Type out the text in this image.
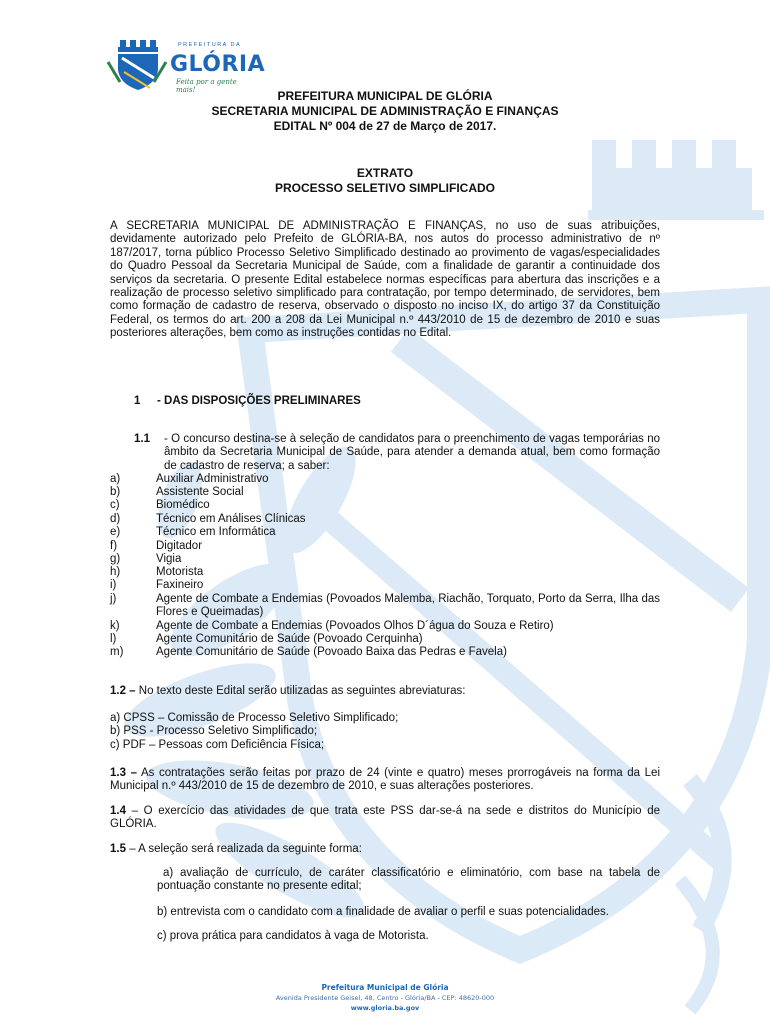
PREFEITURA DA
GLÓRIA
Feita por a gente mais!	PREFEITURA MUNICIPAL DE GLÓRIA
SECRETARIA MUNICIPAL DE ADMINISTRAÇÃO E FINANÇAS
EDITAL Nº 004 de 27 de Março de 2017.
EXTRATO
PROCESSO SELETIVO SIMPLIFICADO
A SECRETARIA MUNICIPAL DE ADMINISTRAÇÃO E FINANÇAS, no uso de suas atribuições, devidamente autorizado pelo Prefeito de GLÓRIA-BA, nos autos do processo administrativo de nº 187/2017, torna público Processo Seletivo Simplificado destinado ao provimento de vagas/especialidades do Quadro Pessoal da Secretaria Municipal de Saúde, com a finalidade de garantir a continuidade dos serviços da secretaria. O presente Edital estabelece normas específicas para abertura das inscrições e a realização de processo seletivo simplificado para contratação, por tempo determinado, de servidores, bem como formação de cadastro de reserva, observado o disposto no inciso IX, do artigo 37 da Constituição Federal, os termos do art. 200 a 208 da Lei Municipal n.º 443/2010 de 15 de dezembro de 2010 e suas posteriores alterações, bem como as instruções contidas no Edital.
1 - DAS DISPOSIÇÕES PRELIMINARES
1.1 - O concurso destina-se à seleção de candidatos para o preenchimento de vagas temporárias no âmbito da Secretaria Municipal de Saúde, para atender a demanda atual, bem como formação de cadastro de reserva; a saber:
a)	Auxiliar Administrativo
b)	Assistente Social
c)	Biomédico
d)	Técnico em Análises Clínicas
e)	Técnico em Informática
f)	Digitador
g)	Vigia
h)	Motorista
i)	Faxineiro
j)	Agente de Combate a Endemias (Povoados Malemba, Riachão, Torquato, Porto da Serra, Ilha das Flores e Queimadas)
k)	Agente de Combate a Endemias (Povoados Olhos D´água do Souza e Retiro)
l)	Agente Comunitário de Saúde (Povoado Cerquinha)
m)	Agente Comunitário de Saúde (Povoado Baixa das Pedras e Favela)
1.2 – No texto deste Edital serão utilizadas as seguintes abreviaturas:
a) CPSS – Comissão de Processo Seletivo Simplificado;
b) PSS - Processo Seletivo Simplificado;
c) PDF – Pessoas com Deficiência Física;
1.3 – As contratações serão feitas por prazo de 24 (vinte e quatro) meses prorrogáveis na forma da Lei Municipal n.º 443/2010 de 15 de dezembro de 2010, e suas alterações posteriores.
1.4 – O exercício das atividades de que trata este PSS dar-se-á na sede e distritos do Município de GLÓRIA.
1.5 – A seleção será realizada da seguinte forma:
a) avaliação de currículo, de caráter classificatório e eliminatório, com base na tabela de pontuação constante no presente edital;
b) entrevista com o candidato com a finalidade de avaliar o perfil e suas potencialidades.
c) prova prática para candidatos à vaga de Motorista.
Prefeitura Municipal de Glória
Avenida Presidente Geisel, 48, Centro - Glória/BA - CEP: 48620-000
www.gloria.ba.gov
